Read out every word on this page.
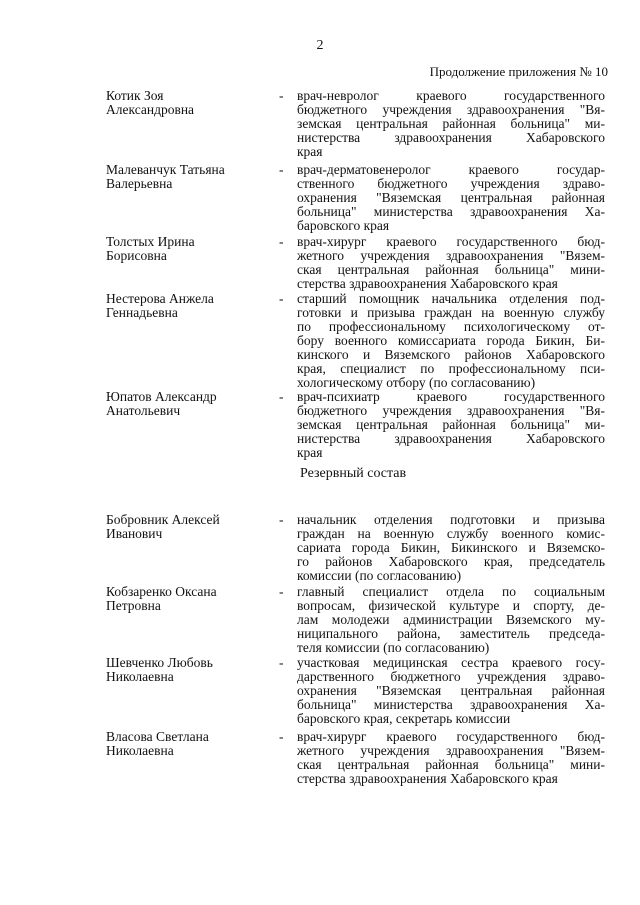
2
Продолжение приложения № 10
Котик Зоя
Александровна
- врач-невролог краевого государственного
бюджетного учреждения здравоохранения "Вя-
земская центральная районная больница" ми-
нистерства здравоохранения Хабаровского
края
Малеванчук Татьяна
Валерьевна
- врач-дерматовенеролог краевого государ-
ственного бюджетного учреждения здраво-
охранения "Вяземская центральная районная
больница" министерства здравоохранения Ха-
баровского края
Толстых Ирина
Борисовна
- врач-хирург краевого государственного бюд-
жетного учреждения здравоохранения "Вязем-
ская центральная районная больница" мини-
стерства здравоохранения Хабаровского края
Нестерова Анжела
Геннадьевна
- старший помощник начальника отделения под-
готовки и призыва граждан на военную службу
по профессиональному психологическому от-
бору военного комиссариата города Бикин, Би-
кинского и Вяземского районов Хабаровского
края, специалист по профессиональному пси-
хологическому отбору (по согласованию)
Юпатов Александр
Анатольевич
- врач-психиатр краевого государственного
бюджетного учреждения здравоохранения "Вя-
земская центральная районная больница" ми-
нистерства здравоохранения Хабаровского
края
Резервный состав
Бобровник Алексей
Иванович
- начальник отделения подготовки и призыва
граждан на военную службу военного комис-
сариата города Бикин, Бикинского и Вяземско-
го районов Хабаровского края, председатель
комиссии (по согласованию)
Кобзаренко Оксана
Петровна
- главный специалист отдела по социальным
вопросам, физической культуре и спорту, де-
лам молодежи администрации Вяземского му-
ниципального района, заместитель председа-
теля комиссии (по согласованию)
Шевченко Любовь
Николаевна
- участковая медицинская сестра краевого госу-
дарственного бюджетного учреждения здраво-
охранения "Вяземская центральная районная
больница" министерства здравоохранения Ха-
баровского края, секретарь комиссии
Власова Светлана
Николаевна
- врач-хирург краевого государственного бюд-
жетного учреждения здравоохранения "Вязем-
ская центральная районная больница" мини-
стерства здравоохранения Хабаровского края
